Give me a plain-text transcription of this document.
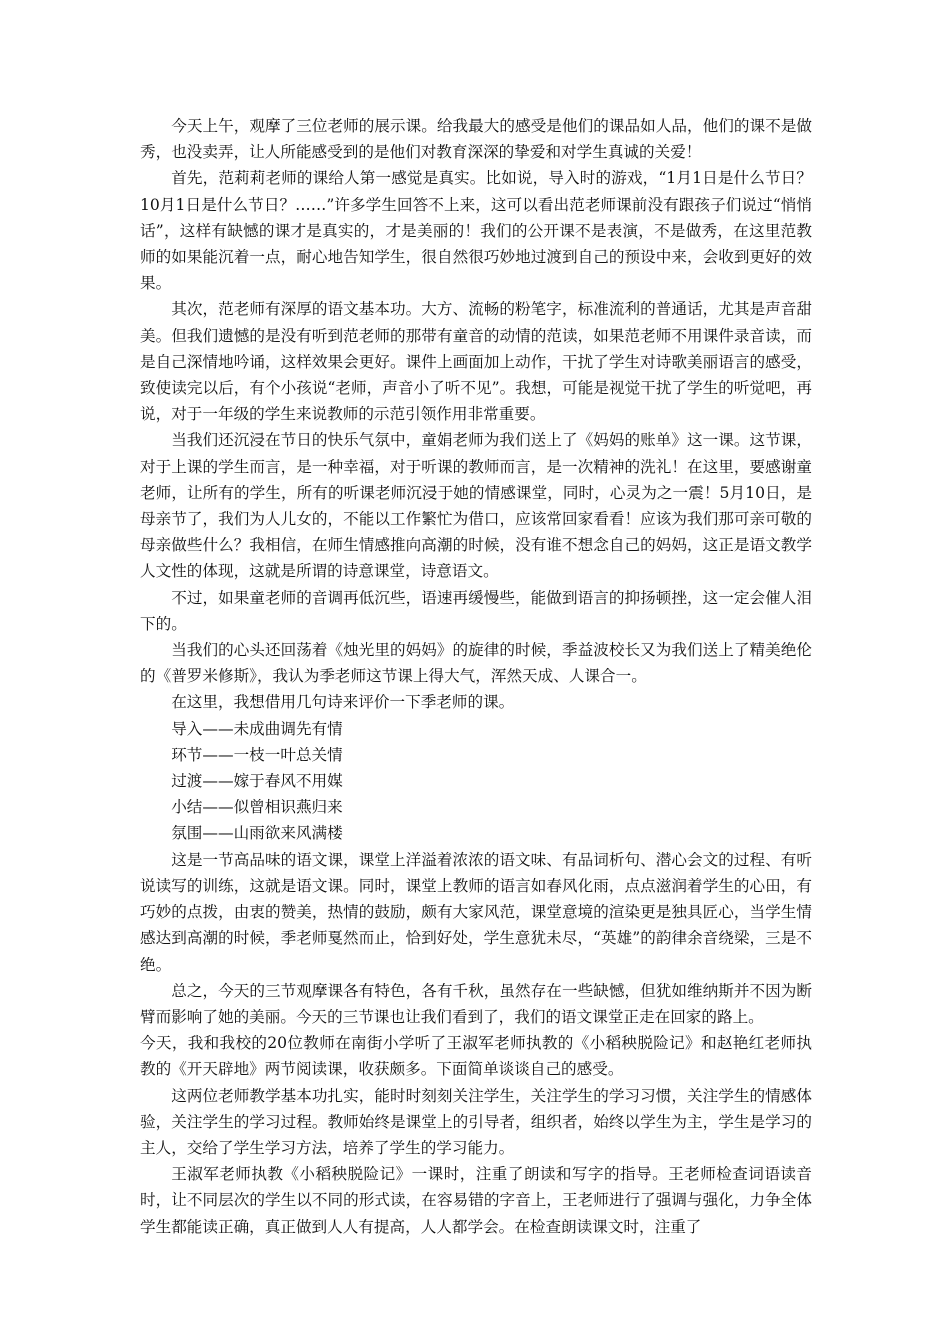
今天上午，观摩了三位老师的展示课。给我最大的感受是他们的课品如人品，他们的课不是做秀，也没卖弄，让人所能感受到的是他们对教育深深的挚爱和对学生真诚的关爱！

首先，范莉莉老师的课给人第一感觉是真实。比如说，导入时的游戏，“1月1日是什么节日？10月1日是什么节日？……”许多学生回答不上来，这可以看出范老师课前没有跟孩子们说过“悄悄话”，这样有缺憾的课才是真实的，才是美丽的！我们的公开课不是表演，不是做秀，在这里范教师的如果能沉着一点，耐心地告知学生，很自然很巧妙地过渡到自己的预设中来，会收到更好的效果。

其次，范老师有深厚的语文基本功。大方、流畅的粉笔字，标准流利的普通话，尤其是声音甜美。但我们遗憾的是没有听到范老师的那带有童音的动情的范读，如果范老师不用课件录音读，而是自己深情地吟诵，这样效果会更好。课件上画面加上动作，干扰了学生对诗歌美丽语言的感受，致使读完以后，有个小孩说“老师，声音小了听不见”。我想，可能是视觉干扰了学生的听觉吧，再说，对于一年级的学生来说教师的示范引领作用非常重要。

当我们还沉浸在节日的快乐气氛中，童娟老师为我们送上了《妈妈的账单》这一课。这节课，对于上课的学生而言，是一种幸福，对于听课的教师而言，是一次精神的洗礼！在这里，要感谢童老师，让所有的学生，所有的听课老师沉浸于她的情感课堂，同时，心灵为之一震！5月10日，是母亲节了，我们为人儿女的，不能以工作繁忙为借口，应该常回家看看！应该为我们那可亲可敬的母亲做些什么？我相信，在师生情感推向高潮的时候，没有谁不想念自己的妈妈，这正是语文教学人文性的体现，这就是所谓的诗意课堂，诗意语文。

不过，如果童老师的音调再低沉些，语速再缓慢些，能做到语言的抑扬顿挫，这一定会催人泪下的。

当我们的心头还回荡着《烛光里的妈妈》的旋律的时候，季益波校长又为我们送上了精美绝伦的《普罗米修斯》，我认为季老师这节课上得大气，浑然天成、人课合一。

在这里，我想借用几句诗来评价一下季老师的课。

导入——未成曲调先有情

环节——一枝一叶总关情

过渡——嫁于春风不用媒

小结——似曾相识燕归来

氛围——山雨欲来风满楼

这是一节高品味的语文课，课堂上洋溢着浓浓的语文味、有品词析句、潜心会文的过程、有听说读写的训练，这就是语文课。同时，课堂上教师的语言如春风化雨，点点滋润着学生的心田，有巧妙的点拨，由衷的赞美，热情的鼓励，颇有大家风范，课堂意境的渲染更是独具匠心，当学生情感达到高潮的时候，季老师戛然而止，恰到好处，学生意犹未尽，“英雄”的韵律余音绕梁，三是不绝。

总之，今天的三节观摩课各有特色，各有千秋，虽然存在一些缺憾，但犹如维纳斯并不因为断臂而影响了她的美丽。今天的三节课也让我们看到了，我们的语文课堂正走在回家的路上。

今天，我和我校的20位教师在南街小学听了王淑军老师执教的《小稻秧脱险记》和赵艳红老师执教的《开天辟地》两节阅读课，收获颇多。下面简单谈谈自己的感受。

这两位老师教学基本功扎实，能时时刻刻关注学生，关注学生的学习习惯，关注学生的情感体验，关注学生的学习过程。教师始终是课堂上的引导者，组织者，始终以学生为主，学生是学习的主人，交给了学生学习方法，培养了学生的学习能力。

王淑军老师执教《小稻秧脱险记》一课时，注重了朗读和写字的指导。王老师检查词语读音时，让不同层次的学生以不同的形式读，在容易错的字音上，王老师进行了强调与强化，力争全体学生都能读正确，真正做到人人有提高，人人都学会。在检查朗读课文时，注重了
